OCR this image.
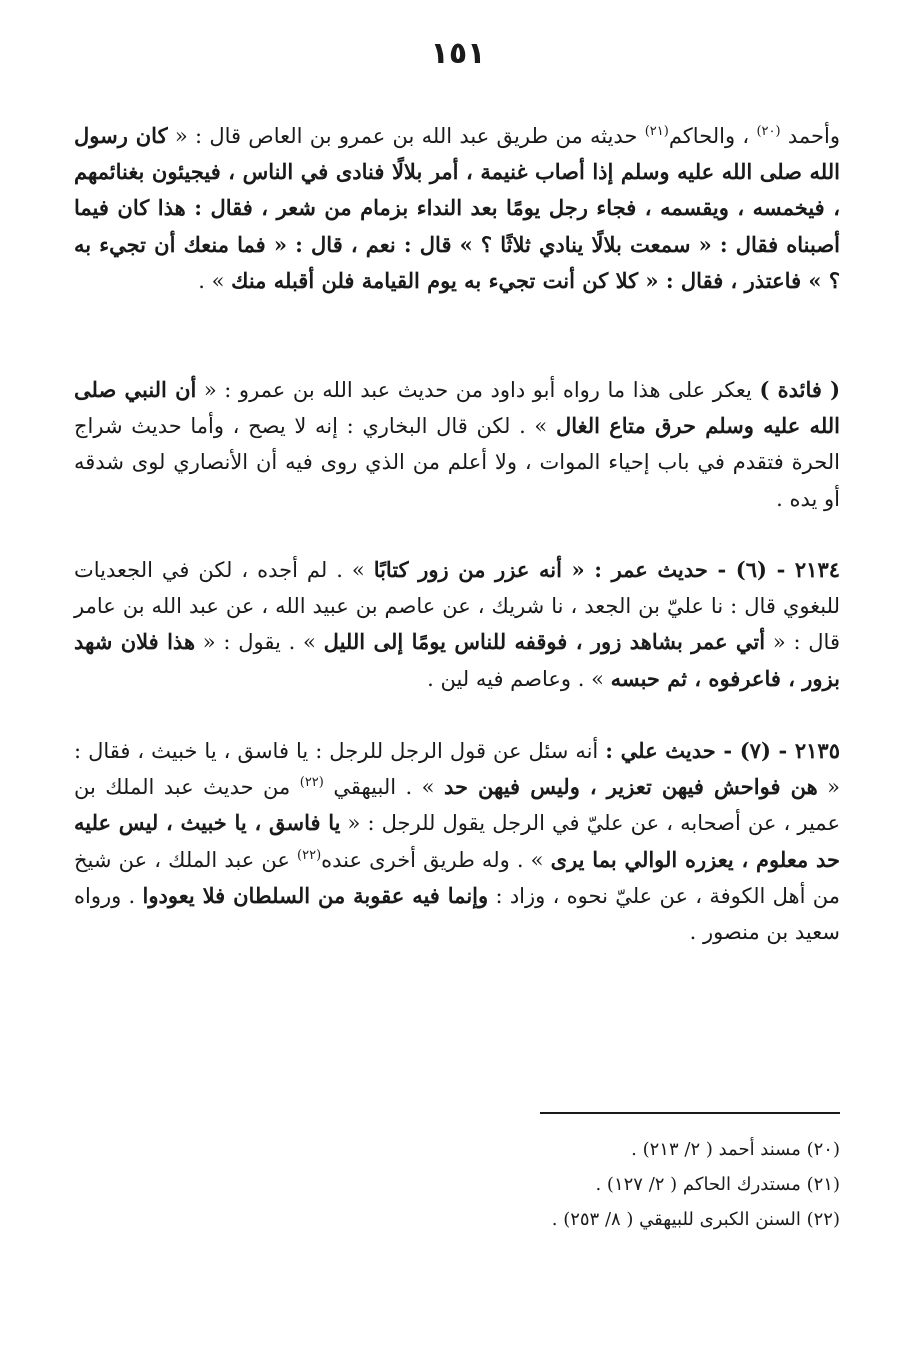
١٥١
وأحمد $^{(٢٠)}$ ، والحاكم$^{(٢١)}$ حديثه من طريق عبد الله بن عمرو بن العاص قال : « كان رسول الله صلى الله عليه وسلم إذا أصاب غنيمة ، أمر بلالًا فنادى في الناس ، فيجيئون بغنائمهم ، فيخمسه ، ويقسمه ، فجاء رجل يومًا بعد النداء بزمام من شعر ، فقال : هذا كان فيما أصبناه فقال : « سمعت بلالًا ينادي ثلاثًا ؟ » قال : نعم ، قال : « فما منعك أن تجيء به ؟ » فاعتذر ، فقال : « كلا كن أنت تجيء به يوم القيامة فلن أقبله منك » .
( فائدة ) يعكر على هذا ما رواه أبو داود من حديث عبد الله بن عمرو : « أن النبي صلى الله عليه وسلم حرق متاع الغال » . لكن قال البخاري : إنه لا يصح ، وأما حديث شراج الحرة فتقدم في باب إحياء الموات ، ولا أعلم من الذي روى فيه أن الأنصاري لوى شدقه أو يده .
٢١٣٤ - (٦) - حديث عمر : « أنه عزر من زور كتابًا » . لم أجده ، لكن في الجعديات للبغوي قال : نا عليّ بن الجعد ، نا شريك ، عن عاصم بن عبيد الله ، عن عبد الله بن عامر قال : « أتي عمر بشاهد زور ، فوقفه للناس يومًا إلى الليل » . يقول : « هذا فلان شهد بزور ، فاعرفوه ، ثم حبسه » . وعاصم فيه لين .
٢١٣٥ - (٧) - حديث علي : أنه سئل عن قول الرجل للرجل : يا فاسق ، يا خبيث ، فقال : « هن فواحش فيهن تعزير ، وليس فيهن حد » . البيهقي $^{(٢٢)}$ من حديث عبد الملك بن عمير ، عن أصحابه ، عن عليّ في الرجل يقول للرجل : « يا فاسق ، يا خبيث ، ليس عليه حد معلوم ، يعزره الوالي بما يرى » . وله طريق أخرى عنده$^{(٢٢)}$ عن عبد الملك ، عن شيخ من أهل الكوفة ، عن عليّ نحوه ، وزاد : وإنما فيه عقوبة من السلطان فلا يعودوا . ورواه سعيد بن منصور .
(٢٠) مسند أحمد ( ٢/ ٢١٣) .
(٢١) مستدرك الحاكم ( ٢/ ١٢٧) .
(٢٢) السنن الكبرى للبيهقي ( ٨/ ٢٥٣) .
